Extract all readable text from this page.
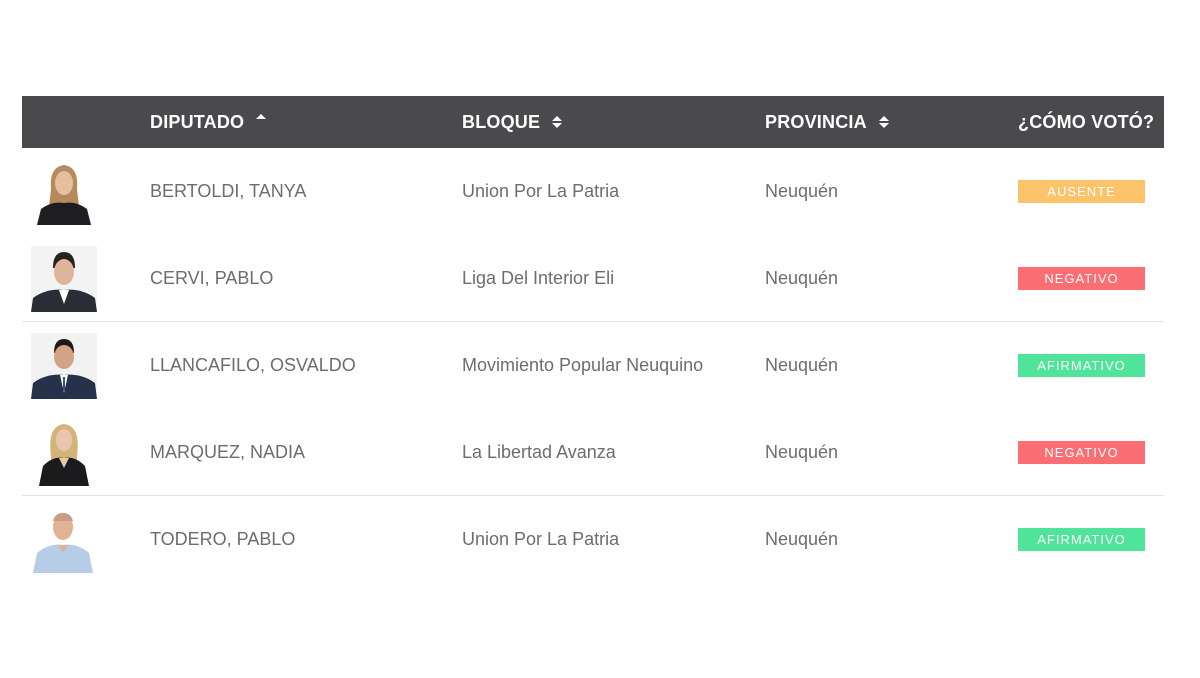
DIPUTADO	BLOQUE	PROVINCIA	¿CÓMO VOTÓ?
BERTOLDI, TANYA	Union Por La Patria	Neuquén	AUSENTE
CERVI, PABLO	Liga Del Interior Eli	Neuquén	NEGATIVO
LLANCAFILO, OSVALDO	Movimiento Popular Neuquino	Neuquén	AFIRMATIVO
MARQUEZ, NADIA	La Libertad Avanza	Neuquén	NEGATIVO
TODERO, PABLO	Union Por La Patria	Neuquén	AFIRMATIVO
